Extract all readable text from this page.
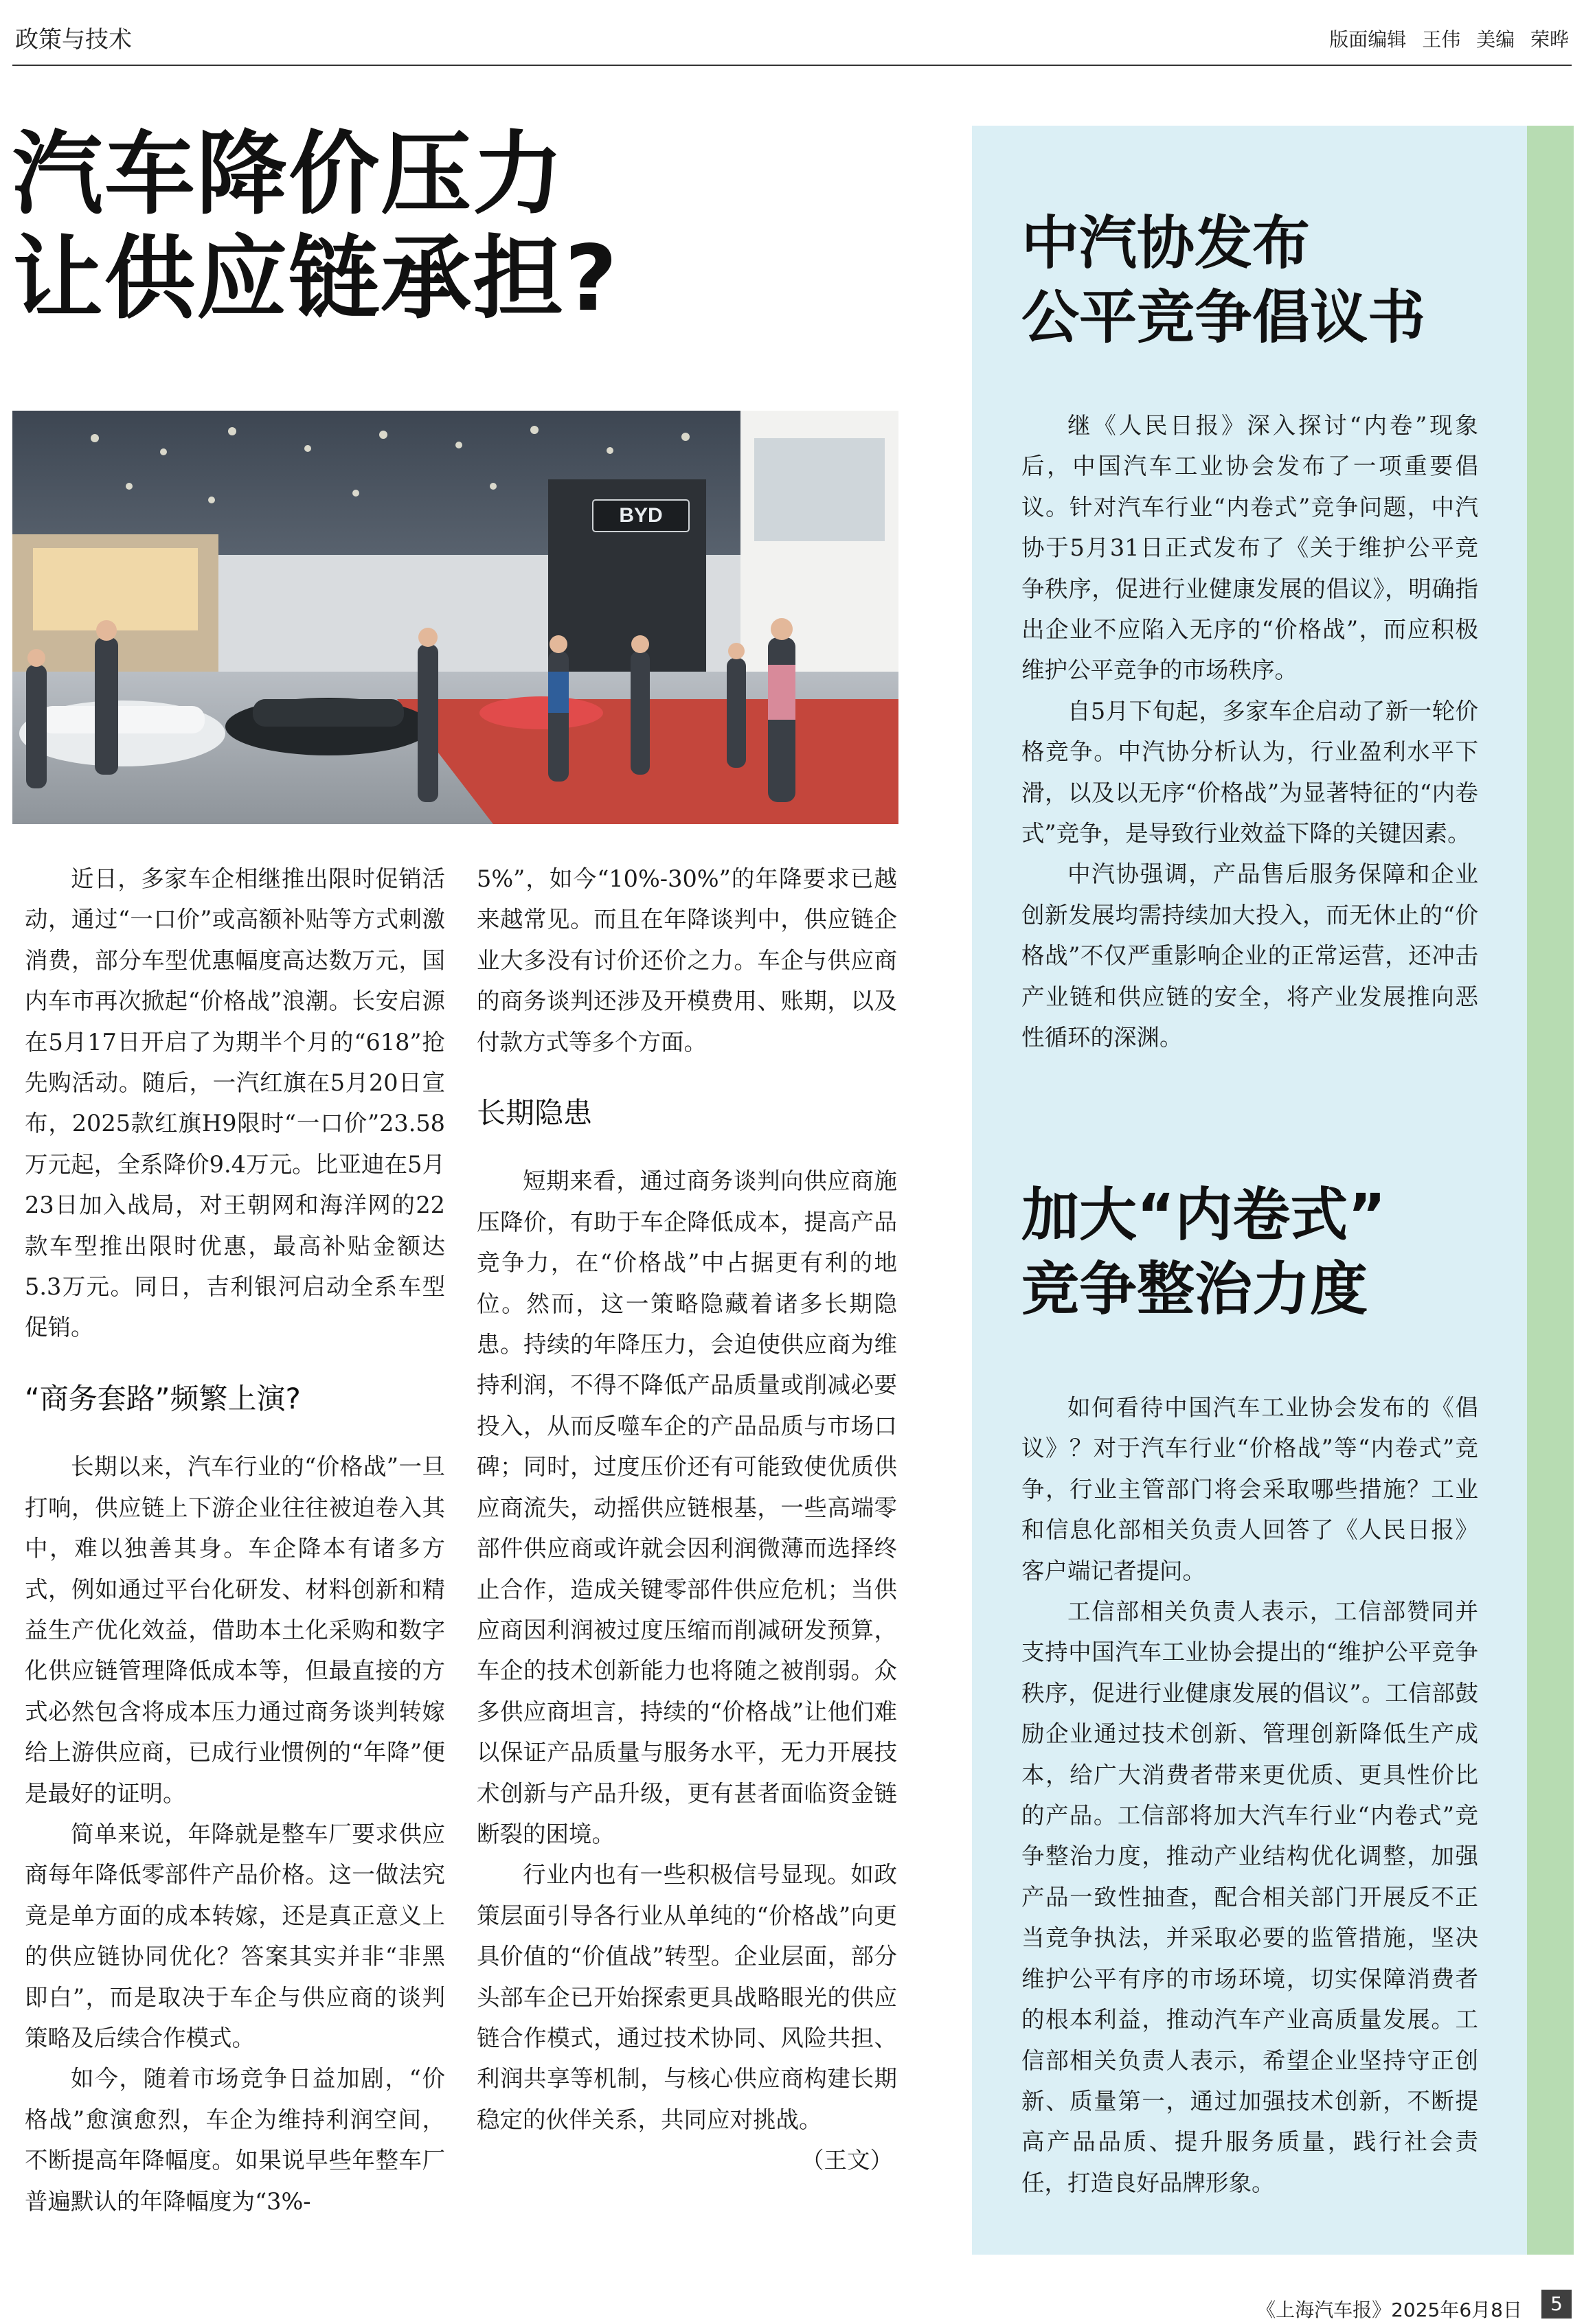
政策与技术	版面编辑 王伟 美编 荣晔
汽车降价压力
让供应链承担?
BYD

近日，多家车企相继推出限时促销活动，通过“一口价”或高额补贴等方式刺激消费，部分车型优惠幅度高达数万元，国内车市再次掀起“价格战”浪潮。长安启源在5月17日开启了为期半个月的“618”抢先购活动。随后，一汽红旗在5月20日宣布，2025款红旗H9限时“一口价”23.58万元起，全系降价9.4万元。比亚迪在5月23日加入战局，对王朝网和海洋网的22款车型推出限时优惠，最高补贴金额达5.3万元。同日，吉利银河启动全系车型促销。

“商务套路”频繁上演?

长期以来，汽车行业的“价格战”一旦打响，供应链上下游企业往往被迫卷入其中，难以独善其身。车企降本有诸多方式，例如通过平台化研发、材料创新和精益生产优化效益，借助本土化采购和数字化供应链管理降低成本等，但最直接的方式必然包含将成本压力通过商务谈判转嫁给上游供应商，已成行业惯例的“年降”便是最好的证明。

简单来说，年降就是整车厂要求供应商每年降低零部件产品价格。这一做法究竟是单方面的成本转嫁，还是真正意义上的供应链协同优化？答案其实并非“非黑即白”，而是取决于车企与供应商的谈判策略及后续合作模式。

如今，随着市场竞争日益加剧，“价格战”愈演愈烈，车企为维持利润空间，不断提高年降幅度。如果说早些年整车厂普遍默认的年降幅度为“3%-

5%”，如今“10%-30%”的年降要求已越来越常见。而且在年降谈判中，供应链企业大多没有讨价还价之力。车企与供应商的商务谈判还涉及开模费用、账期，以及付款方式等多个方面。

长期隐患

短期来看，通过商务谈判向供应商施压降价，有助于车企降低成本，提高产品竞争力，在“价格战”中占据更有利的地位。然而，这一策略隐藏着诸多长期隐患。持续的年降压力，会迫使供应商为维持利润，不得不降低产品质量或削减必要投入，从而反噬车企的产品品质与市场口碑；同时，过度压价还有可能致使优质供应商流失，动摇供应链根基，一些高端零部件供应商或许就会因利润微薄而选择终止合作，造成关键零部件供应危机；当供应商因利润被过度压缩而削减研发预算，车企的技术创新能力也将随之被削弱。众多供应商坦言，持续的“价格战”让他们难以保证产品质量与服务水平，无力开展技术创新与产品升级，更有甚者面临资金链断裂的困境。

行业内也有一些积极信号显现。如政策层面引导各行业从单纯的“价格战”向更具价值的“价值战”转型。企业层面，部分头部车企已开始探索更具战略眼光的供应链合作模式，通过技术协同、风险共担、利润共享等机制，与核心供应商构建长期稳定的伙伴关系，共同应对挑战。
（王文）

中汽协发布
公平竞争倡议书

继《人民日报》深入探讨“内卷”现象后，中国汽车工业协会发布了一项重要倡议。针对汽车行业“内卷式”竞争问题，中汽协于5月31日正式发布了《关于维护公平竞争秩序，促进行业健康发展的倡议》，明确指出企业不应陷入无序的“价格战”，而应积极维护公平竞争的市场秩序。

自5月下旬起，多家车企启动了新一轮价格竞争。中汽协分析认为，行业盈利水平下滑，以及以无序“价格战”为显著特征的“内卷式”竞争，是导致行业效益下降的关键因素。

中汽协强调，产品售后服务保障和企业创新发展均需持续加大投入，而无休止的“价格战”不仅严重影响企业的正常运营，还冲击产业链和供应链的安全，将产业发展推向恶性循环的深渊。

加大“内卷式”
竞争整治力度

如何看待中国汽车工业协会发布的《倡议》？对于汽车行业“价格战”等“内卷式”竞争，行业主管部门将会采取哪些措施？工业和信息化部相关负责人回答了《人民日报》客户端记者提问。

工信部相关负责人表示，工信部赞同并支持中国汽车工业协会提出的“维护公平竞争秩序，促进行业健康发展的倡议”。工信部鼓励企业通过技术创新、管理创新降低生产成本，给广大消费者带来更优质、更具性价比的产品。工信部将加大汽车行业“内卷式”竞争整治力度，推动产业结构优化调整，加强产品一致性抽查，配合相关部门开展反不正当竞争执法，并采取必要的监管措施，坚决维护公平有序的市场环境，切实保障消费者的根本利益，推动汽车产业高质量发展。工信部相关负责人表示，希望企业坚持守正创新、质量第一，通过加强技术创新，不断提高产品品质、提升服务质量，践行社会责任，打造良好品牌形象。

《上海汽车报》2025年6月8日	5
